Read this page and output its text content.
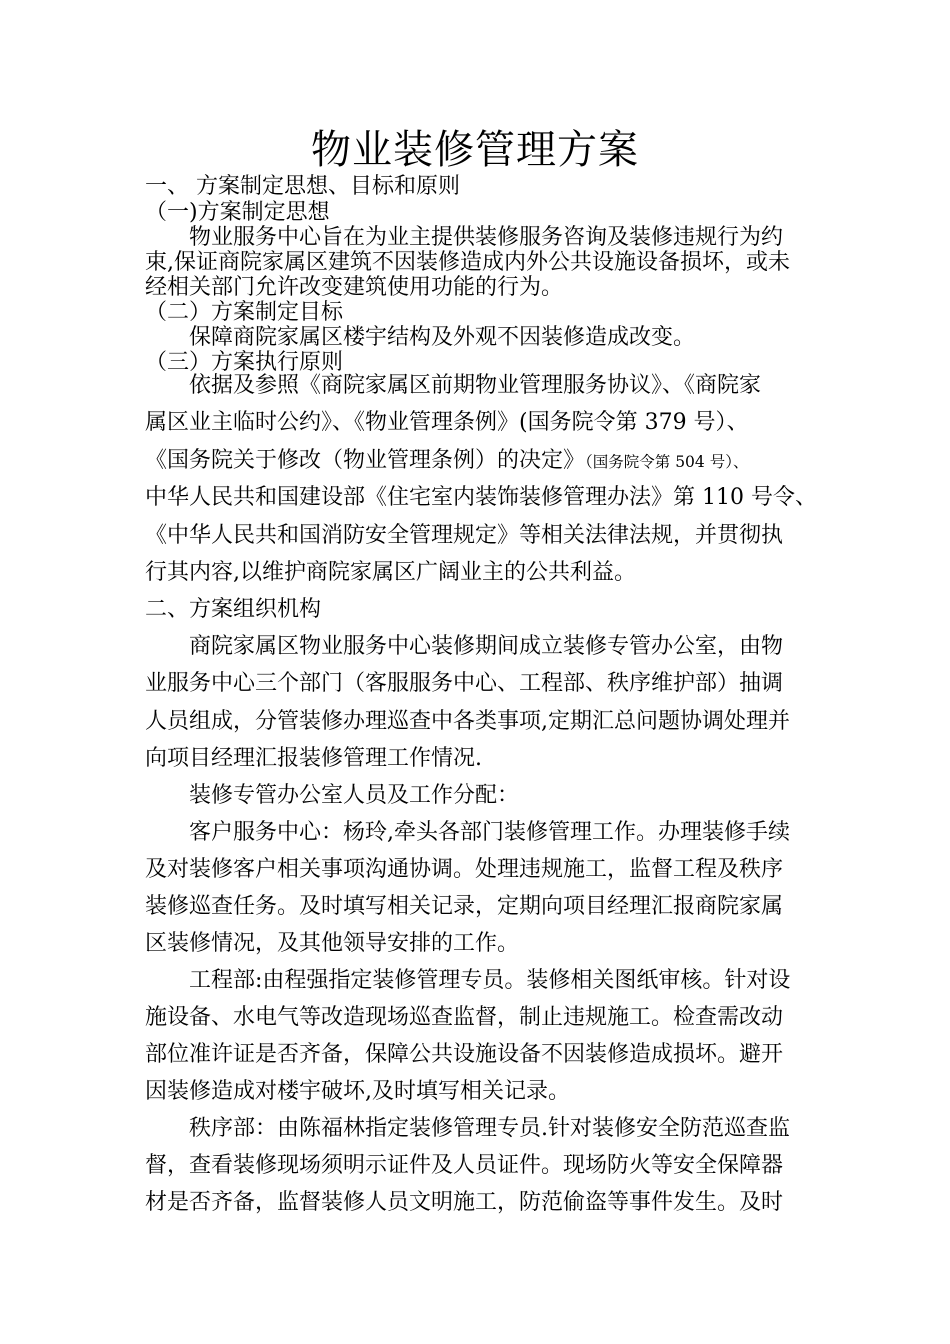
物业装修管理方案
一、 方案制定思想、目标和原则
（一)方案制定思想
物业服务中心旨在为业主提供装修服务咨询及装修违规行为约
束,保证商院家属区建筑不因装修造成内外公共设施设备损坏，或未
经相关部门允许改变建筑使用功能的行为。
（二）方案制定目标
保障商院家属区楼宇结构及外观不因装修造成改变。
（三）方案执行原则
依据及参照《商院家属区前期物业管理服务协议》、《商院家
属区业主临时公约》、《物业管理条例》(国务院令第 379 号）、
《国务院关于修改（物业管理条例）的决定》（国务院令第 504 号）、
中华人民共和国建设部《住宅室内装饰装修管理办法》第 110 号令、
《中华人民共和国消防安全管理规定》等相关法律法规，并贯彻执
行其内容,以维护商院家属区广阔业主的公共利益。
二、方案组织机构
商院家属区物业服务中心装修期间成立装修专管办公室，由物
业服务中心三个部门（客服服务中心、工程部、秩序维护部）抽调
人员组成，分管装修办理巡查中各类事项,定期汇总问题协调处理并
向项目经理汇报装修管理工作情况.
装修专管办公室人员及工作分配：
客户服务中心：杨玲,牵头各部门装修管理工作。办理装修手续
及对装修客户相关事项沟通协调。处理违规施工，监督工程及秩序
装修巡查任务。及时填写相关记录，定期向项目经理汇报商院家属
区装修情况，及其他领导安排的工作。
工程部:由程强指定装修管理专员。装修相关图纸审核。针对设
施设备、水电气等改造现场巡查监督，制止违规施工。检查需改动
部位准许证是否齐备，保障公共设施设备不因装修造成损坏。避开
因装修造成对楼宇破坏,及时填写相关记录。
秩序部：由陈福林指定装修管理专员.针对装修安全防范巡查监
督，查看装修现场须明示证件及人员证件。现场防火等安全保障器
材是否齐备，监督装修人员文明施工，防范偷盗等事件发生。及时
